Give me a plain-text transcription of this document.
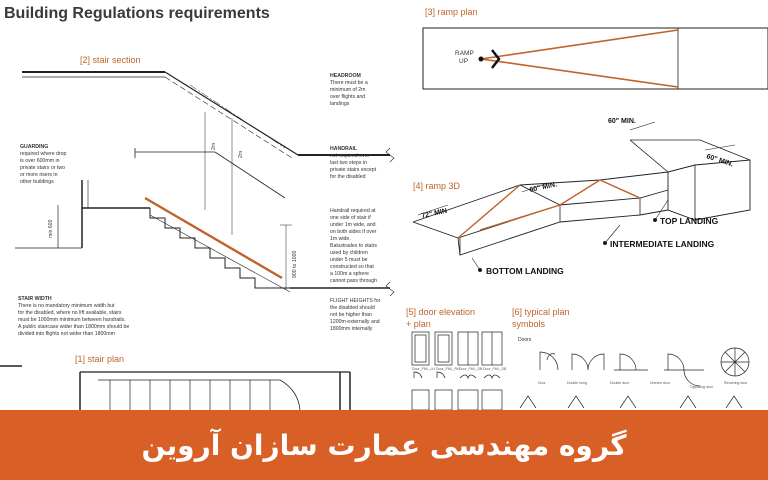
Building Regulations requirements
[2] stair section
2m
2m
min 600
900 to 1000
HEADROOM There must be a minimum of 2m over flights and landings
HANDRAIL not required over last two steps in private stairs except for the disabled
Handrail required at one side of stair if under 1m wide, and on both sides if over 1m wide. Balustrades to stairs used by children under 5 must be constructed so that a 100m a sphere cannot pass through
FLIGHT HEIGHTS for the disabled should not be higher than 1200m externally and 1800mm internally
GUARDING required where drop is over 600mm in private stairs or two or more risers in other buildings
STAIR WIDTH There is no mandatory minimum width but for the disabled, where no lift available, stairs must be 1000mm minimum between handrails. A public staircase wider than 1800mm should be divided into flights not wider than 1800mm
[1] stair plan
[3] ramp plan
RAMP UP
[4] ramp 3D
60" MIN.
60" MIN.
60" MIN.
72" MIN
TOP LANDING
INTERMEDIATE LANDING
BOTTOM LANDING
[5] door elevation + plan
Door_FML_LH Door_FML_RH Door_FML_DB Door_FML_DB
[6] typical plan symbols
Doors
Door	Double hung	Double door	Uneven door Opposing door Revolving door
گروه مهندسی عمارت سازان آروین
